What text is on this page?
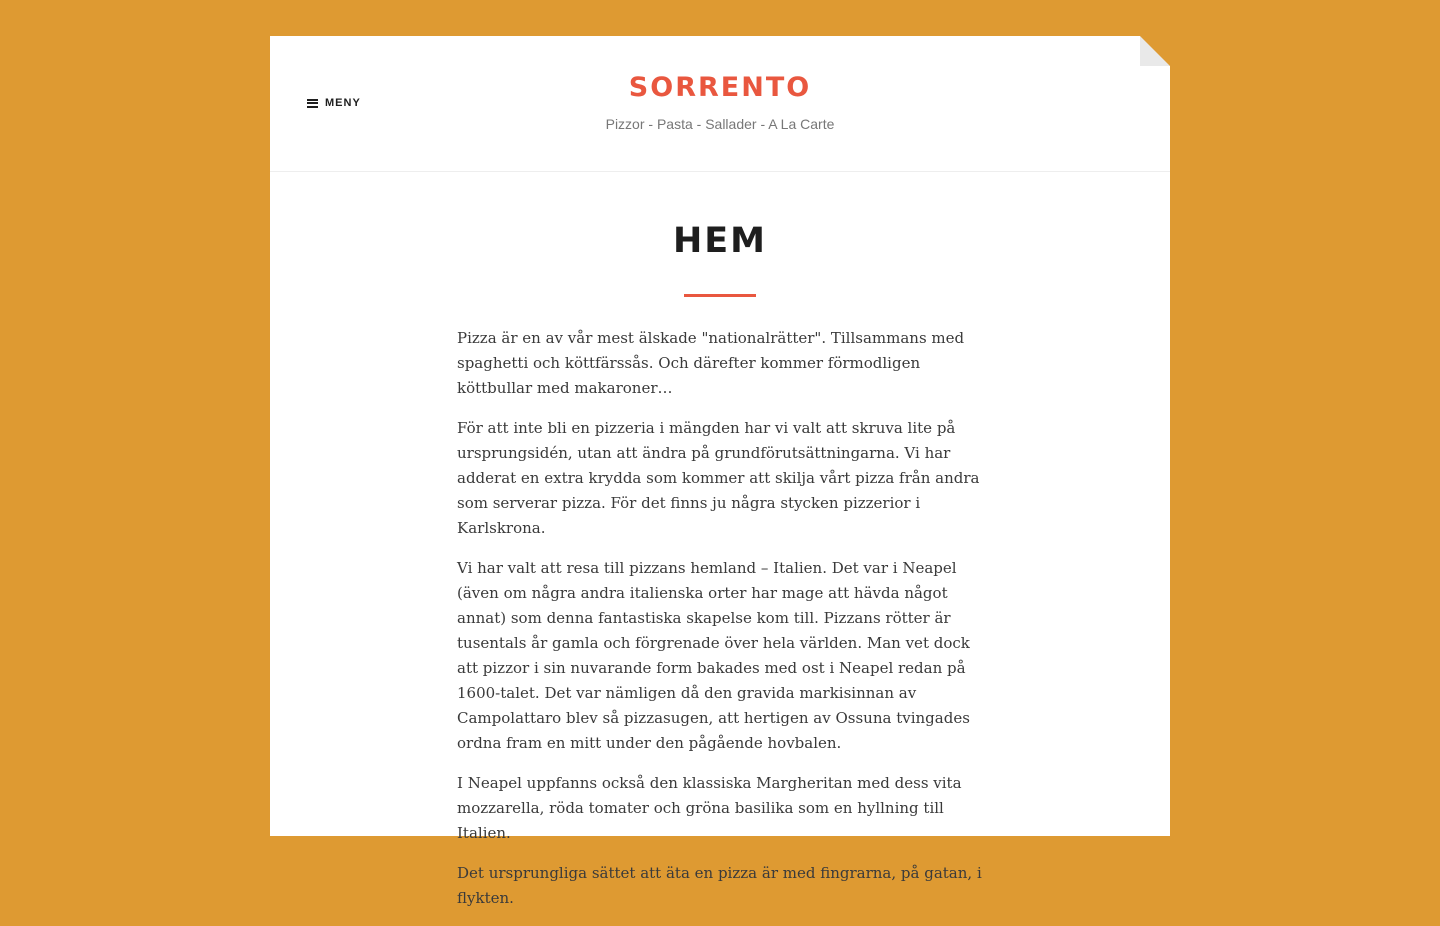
MENY	SORRENTO
Pizzor - Pasta - Sallader - A La Carte
HEM

Pizza är en av vår mest älskade "nationalrätter". Tillsammans med spaghetti och köttfärssås. Och därefter kommer förmodligen köttbullar med makaroner…

För att inte bli en pizzeria i mängden har vi valt att skruva lite på ursprungsidén, utan att ändra på grundförutsättningarna. Vi har adderat en extra krydda som kommer att skilja vårt pizza från andra som serverar pizza. För det finns ju några stycken pizzerior i Karlskrona.

Vi har valt att resa till pizzans hemland – Italien. Det var i Neapel (även om några andra italienska orter har mage att hävda något annat) som denna fantastiska skapelse kom till. Pizzans rötter är tusentals år gamla och förgrenade över hela världen. Man vet dock att pizzor i sin nuvarande form bakades med ost i Neapel redan på 1600-talet. Det var nämligen då den gravida markisinnan av Campolattaro blev så pizzasugen, att hertigen av Ossuna tvingades ordna fram en mitt under den pågående hovbalen.

I Neapel uppfanns också den klassiska Margheritan med dess vita mozzarella, röda tomater och gröna basilika som en hyllning till Italien.

Det ursprungliga sättet att äta en pizza är med fingrarna, på gatan, i flykten.
